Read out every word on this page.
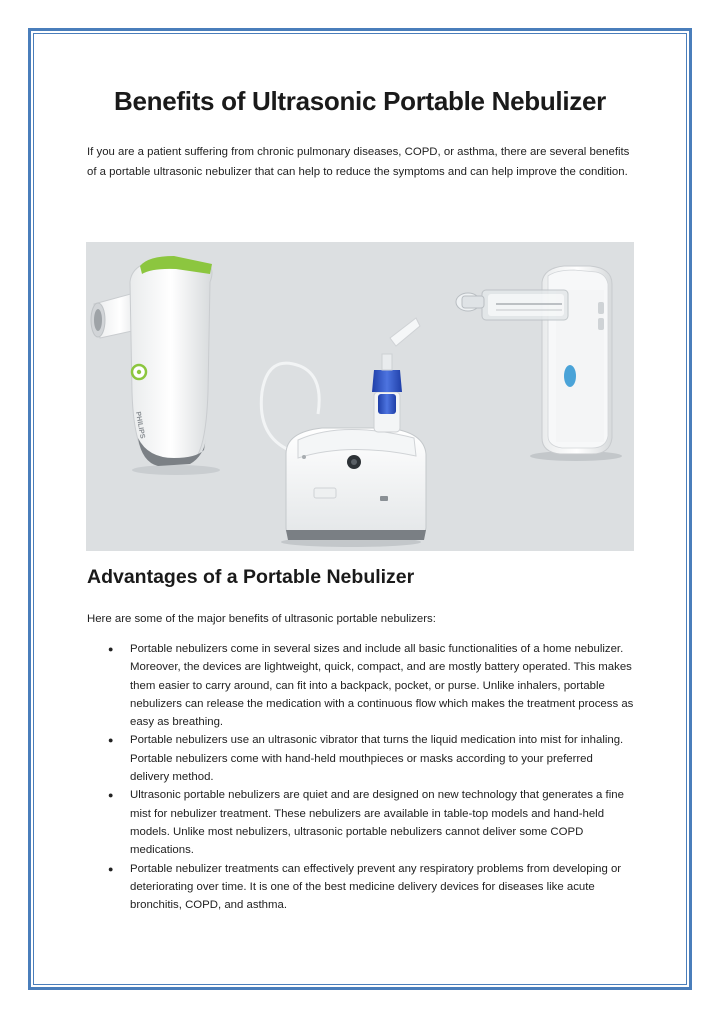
Benefits of Ultrasonic Portable Nebulizer

If you are a patient suffering from chronic pulmonary diseases, COPD, or asthma, there are several benefits of a portable ultrasonic nebulizer that can help to reduce the symptoms and can help improve the condition.

PHILIPS
Advantages of a Portable Nebulizer

Here are some of the major benefits of ultrasonic portable nebulizers:

● Portable nebulizers come in several sizes and include all basic functionalities of a home nebulizer. Moreover, the devices are lightweight, quick, compact, and are mostly battery operated. This makes them easier to carry around, can fit into a backpack, pocket, or purse. Unlike inhalers, portable nebulizers can release the medication with a continuous flow which makes the treatment process as easy as breathing.
● Portable nebulizers use an ultrasonic vibrator that turns the liquid medication into mist for inhaling. Portable nebulizers come with hand-held mouthpieces or masks according to your preferred delivery method.
● Ultrasonic portable nebulizers are quiet and are designed on new technology that generates a fine mist for nebulizer treatment. These nebulizers are available in table-top models and hand-held models. Unlike most nebulizers, ultrasonic portable nebulizers cannot deliver some COPD medications.
● Portable nebulizer treatments can effectively prevent any respiratory problems from developing or deteriorating over time. It is one of the best medicine delivery devices for diseases like acute bronchitis, COPD, and asthma.
